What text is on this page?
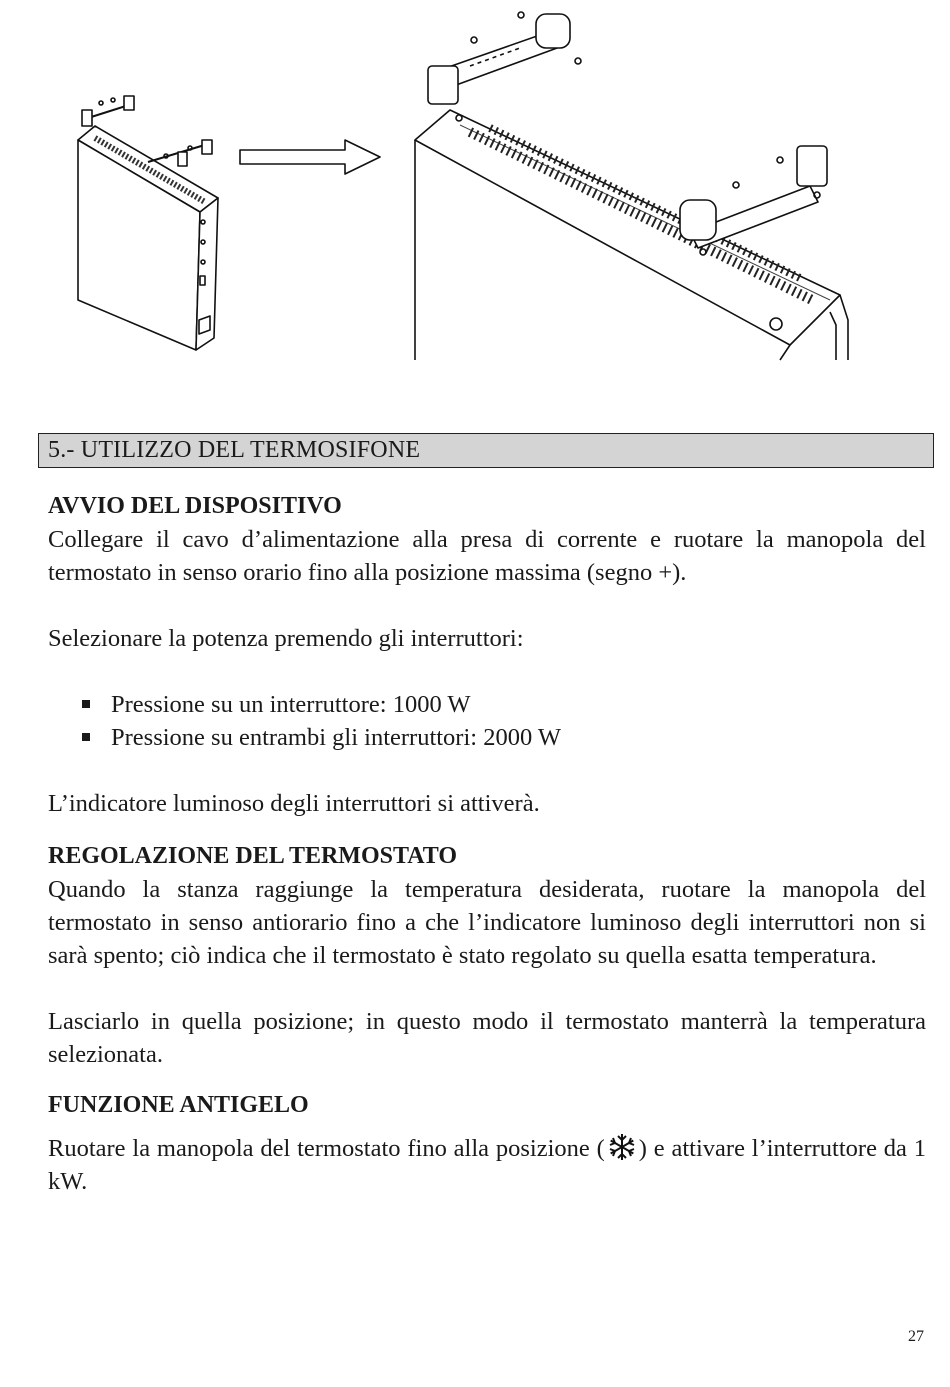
5.- UTILIZZO DEL TERMOSIFONE
AVVIO DEL DISPOSITIVO

Collegare il cavo d’alimentazione alla presa di corrente e ruotare la manopola del termostato in senso orario fino alla posizione massima (segno +).

Selezionare la potenza premendo gli interruttori:

Pressione su un interruttore: 1000 W
Pressione su entrambi gli interruttori: 2000 W

L’indicatore luminoso degli interruttori si attiverà.

REGOLAZIONE DEL TERMOSTATO

Quando la stanza raggiunge la temperatura desiderata, ruotare la manopola del termostato in senso antiorario fino a che l’indicatore luminoso degli interruttori non si sarà spento; ciò indica che il termostato è stato regolato su quella esatta temperatura.

Lasciarlo in quella posizione; in questo modo il termostato manterrà la temperatura selezionata.

FUNZIONE ANTIGELO

Ruotare la manopola del termostato fino alla posizione ( ) e attivare l’interruttore da 1 kW.

27
